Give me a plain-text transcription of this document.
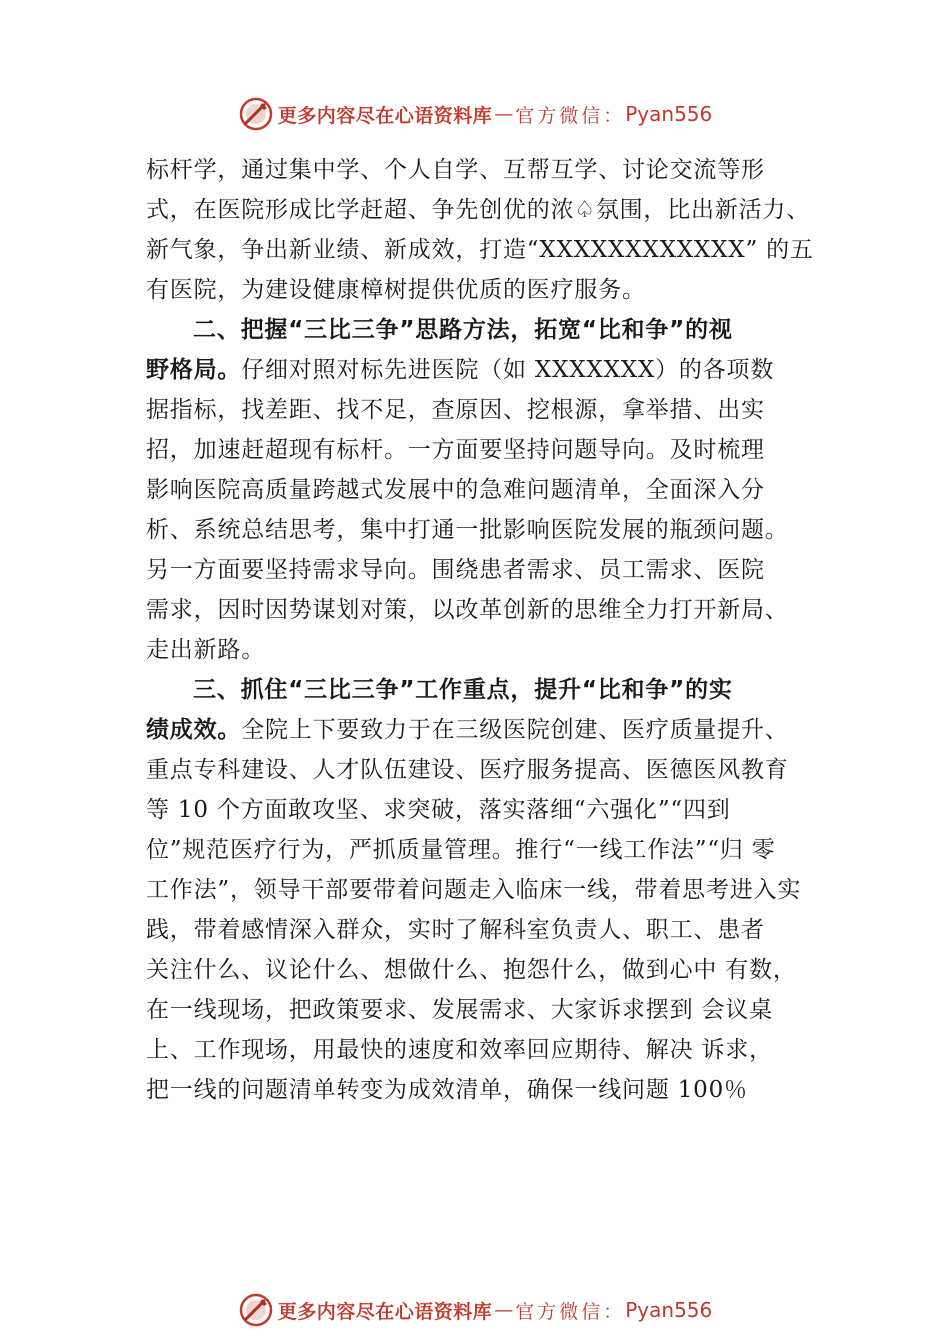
更多内容尽在心语资料库 — 官方微信： Pyan556
标杆学，通过集中学、个人自学、互帮互学、讨论交流等形
式，在医院形成比学赶超、争先创优的浓♤氛围，比出新活力、
新气象，争出新业绩、新成效，打造“XXXXXXXXXXXX” 的五
有医院，为建设健康樟树提供优质的医疗服务。
二、把握“三比三争”思路方法，拓宽“比和争”的视
野格局。仔细对照对标先进医院（如 XXXXXXX）的各项数
据指标，找差距、找不足，查原因、挖根源，拿举措、出实
招，加速赶超现有标杆。一方面要坚持问题导向。及时梳理
影响医院高质量跨越式发展中的急难问题清单，全面深入分
析、系统总结思考，集中打通一批影响医院发展的瓶颈问题。
另一方面要坚持需求导向。围绕患者需求、员工需求、医院
需求，因时因势谋划对策，以改革创新的思维全力打开新局、
走出新路。
三、抓住“三比三争”工作重点，提升“比和争”的实
绩成效。全院上下要致力于在三级医院创建、医疗质量提升、
重点专科建设、人才队伍建设、医疗服务提高、医德医风教育
等 10 个方面敢攻坚、求突破，落实落细“六强化”“四到
位”规范医疗行为，严抓质量管理。推行“一线工作法”“归 零
工作法”，领导干部要带着问题走入临床一线，带着思考进入实
践，带着感情深入群众，实时了解科室负责人、职工、患者
关注什么、议论什么、想做什么、抱怨什么，做到心中 有数，
在一线现场，把政策要求、发展需求、大家诉求摆到 会议桌
上、工作现场，用最快的速度和效率回应期待、解决 诉求，
把一线的问题清单转变为成效清单，确保一线问题 100％
更多内容尽在心语资料库 — 官方微信： Pyan556
